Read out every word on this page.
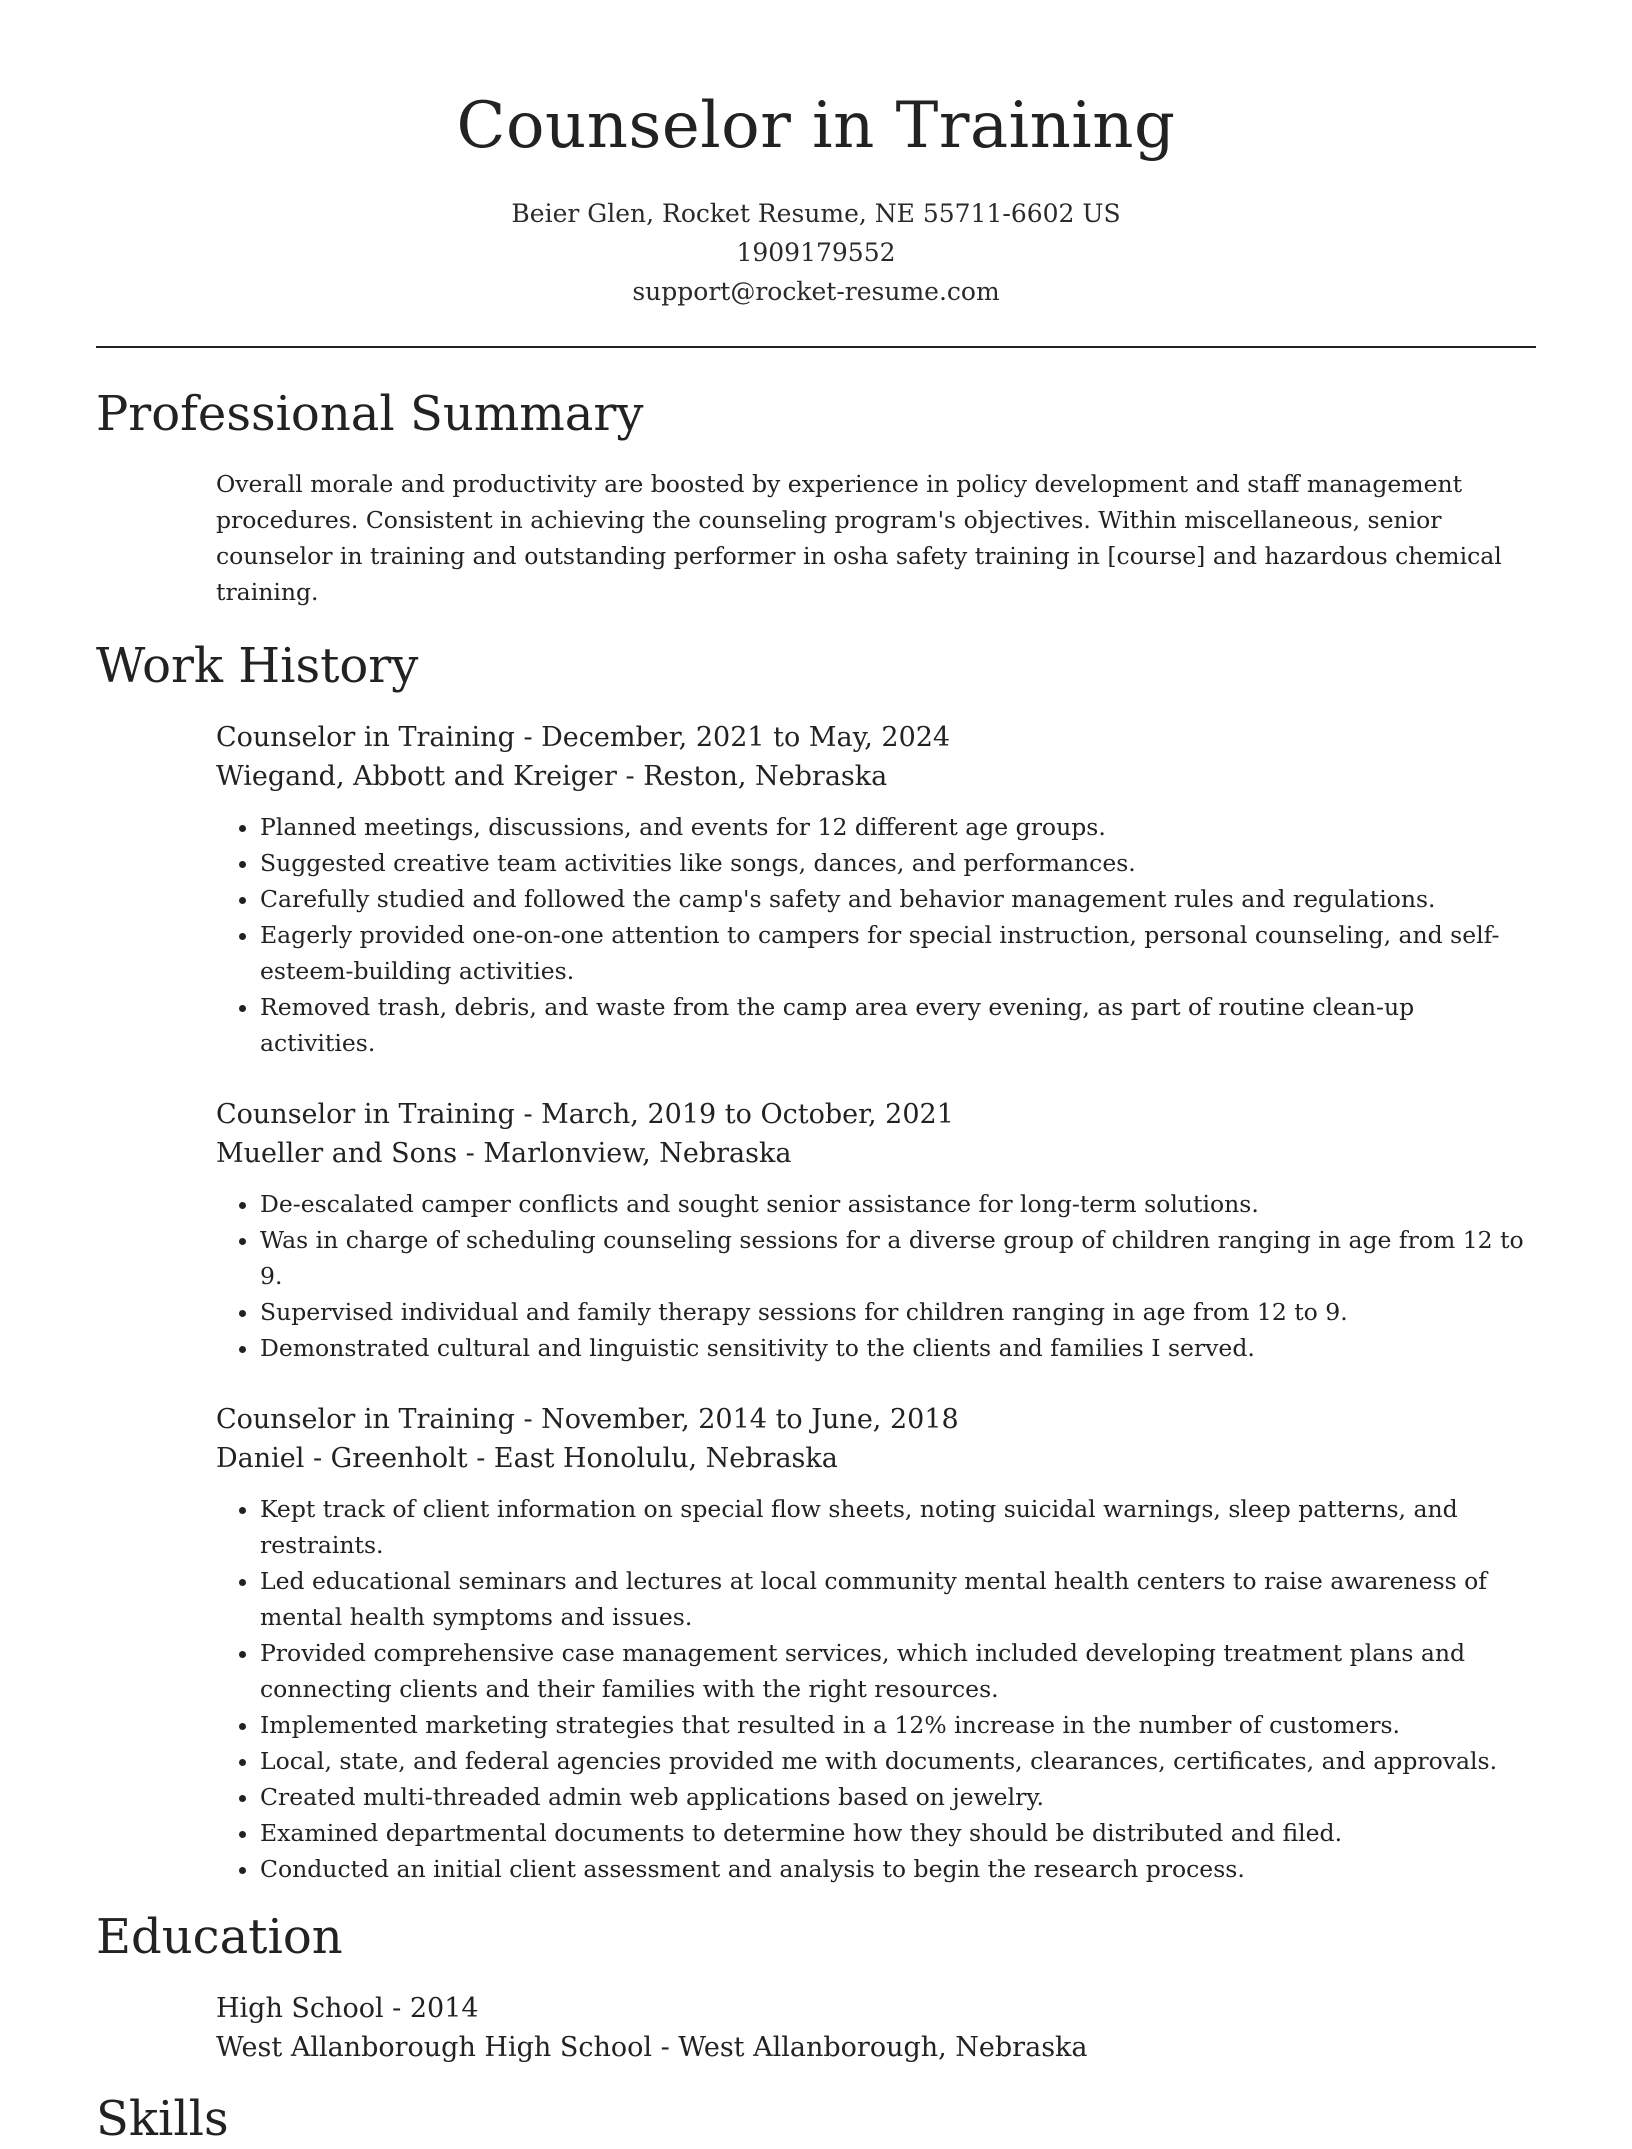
Counselor in Training
Beier Glen, Rocket Resume, NE 55711-6602 US
1909179552
support@rocket-resume.com
Professional Summary
Overall morale and productivity are boosted by experience in policy development and staff management procedures. Consistent in achieving the counseling program's objectives. Within miscellaneous, senior counselor in training and outstanding performer in osha safety training in [course] and hazardous chemical training.
Work History
Counselor in Training - December, 2021 to May, 2024
Wiegand, Abbott and Kreiger - Reston, Nebraska
• Planned meetings, discussions, and events for 12 different age groups.
• Suggested creative team activities like songs, dances, and performances.
• Carefully studied and followed the camp's safety and behavior management rules and regulations.
• Eagerly provided one-on-one attention to campers for special instruction, personal counseling, and self-esteem-building activities.
• Removed trash, debris, and waste from the camp area every evening, as part of routine clean-up activities.
Counselor in Training - March, 2019 to October, 2021
Mueller and Sons - Marlonview, Nebraska
• De-escalated camper conflicts and sought senior assistance for long-term solutions.
• Was in charge of scheduling counseling sessions for a diverse group of children ranging in age from 12 to 9.
• Supervised individual and family therapy sessions for children ranging in age from 12 to 9.
• Demonstrated cultural and linguistic sensitivity to the clients and families I served.
Counselor in Training - November, 2014 to June, 2018
Daniel - Greenholt - East Honolulu, Nebraska
• Kept track of client information on special flow sheets, noting suicidal warnings, sleep patterns, and restraints.
• Led educational seminars and lectures at local community mental health centers to raise awareness of mental health symptoms and issues.
• Provided comprehensive case management services, which included developing treatment plans and connecting clients and their families with the right resources.
• Implemented marketing strategies that resulted in a 12% increase in the number of customers.
• Local, state, and federal agencies provided me with documents, clearances, certificates, and approvals.
• Created multi-threaded admin web applications based on jewelry.
• Examined departmental documents to determine how they should be distributed and filed.
• Conducted an initial client assessment and analysis to begin the research process.
Education
High School - 2014
West Allanborough High School - West Allanborough, Nebraska
Skills
